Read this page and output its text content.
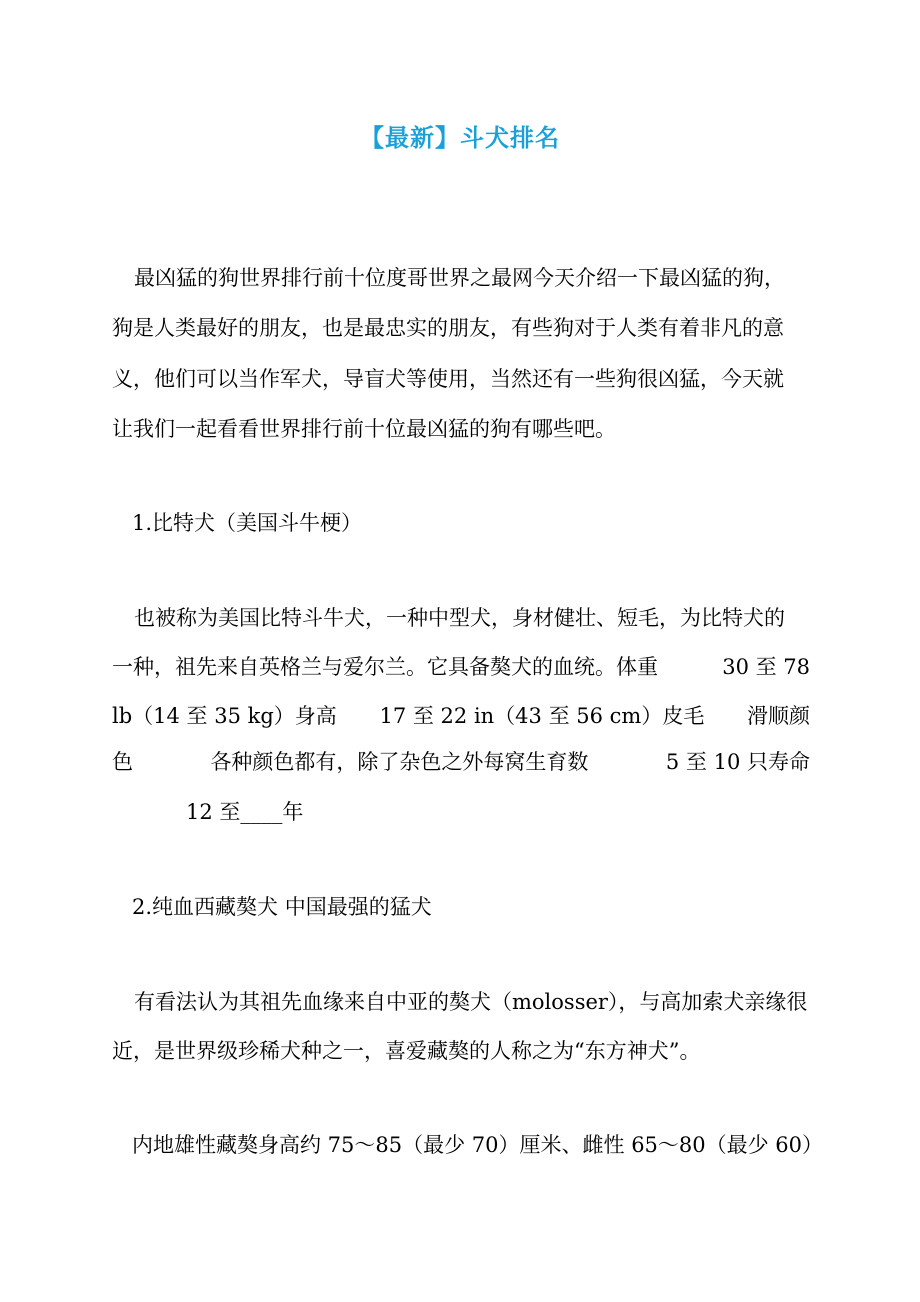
【最新】斗犬排名
最凶猛的狗世界排行前十位度哥世界之最网今天介绍一下最凶猛的狗，
狗是人类最好的朋友，也是最忠实的朋友，有些狗对于人类有着非凡的意
义，他们可以当作军犬，导盲犬等使用，当然还有一些狗很凶猛，今天就
让我们一起看看世界排行前十位最凶猛的狗有哪些吧。
1.比特犬（美国斗牛梗）
也被称为美国比特斗牛犬，一种中型犬，身材健壮、短毛，为比特犬的
一种，祖先来自英格兰与爱尔兰。它具备獒犬的血统。体重	30 至 78
lb（14 至 35 kg）身高 17 至 22 in（43 至 56 cm）皮毛 滑顺颜
色	各种颜色都有，除了杂色之外每窝生育数	5 至 10 只寿命
12 至____年
2.纯血西藏獒犬 中国最强的猛犬
有看法认为其祖先血缘来自中亚的獒犬（molosser），与高加索犬亲缘很
近，是世界级珍稀犬种之一，喜爱藏獒的人称之为“东方神犬”。
内地雄性藏獒身高约 75～85（最少 70）厘米、雌性 65～80（最少 60）
